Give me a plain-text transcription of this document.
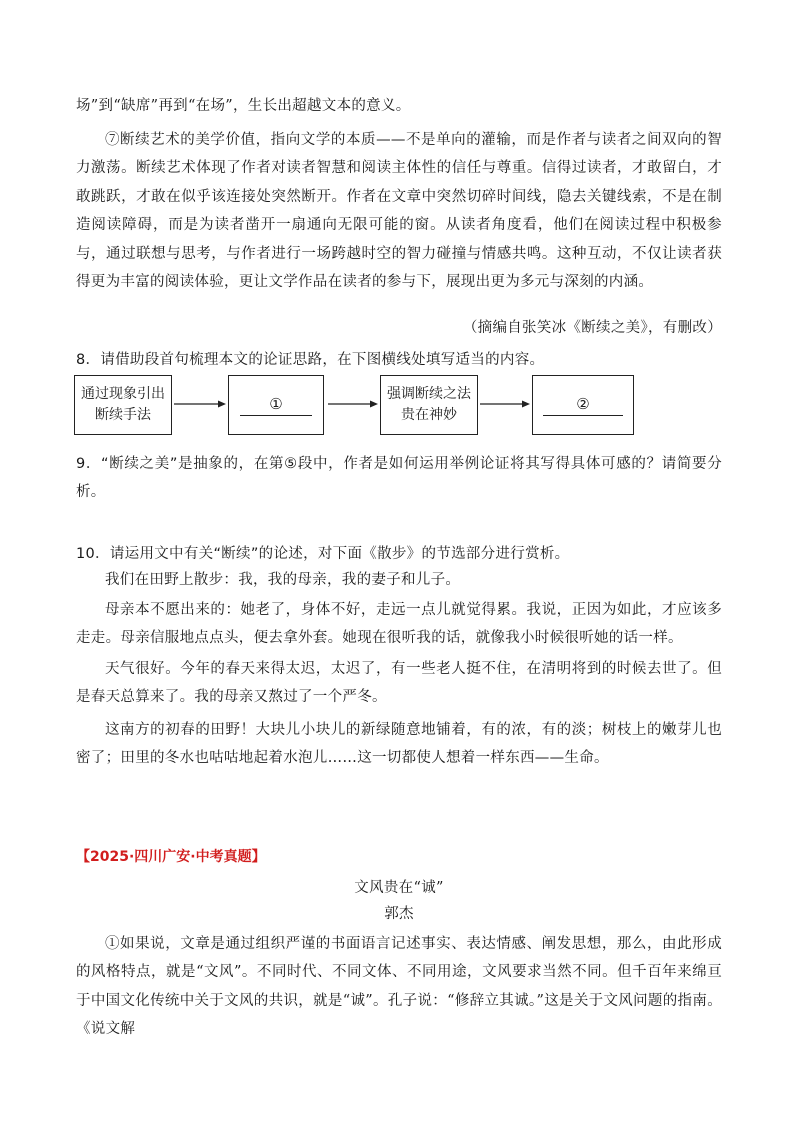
场”到“缺席”再到“在场”，生长出超越文本的意义。
⑦断续艺术的美学价值，指向文学的本质——不是单向的灌输，而是作者与读者之间双向的智力激荡。断续艺术体现了作者对读者智慧和阅读主体性的信任与尊重。信得过读者，才敢留白，才敢跳跃，才敢在似乎该连接处突然断开。作者在文章中突然切碎时间线，隐去关键线索，不是在制造阅读障碍，而是为读者凿开一扇通向无限可能的窗。从读者角度看，他们在阅读过程中积极参与，通过联想与思考，与作者进行一场跨越时空的智力碰撞与情感共鸣。这种互动，不仅让读者获得更为丰富的阅读体验，更让文学作品在读者的参与下，展现出更为多元与深刻的内涵。
（摘编自张笑冰《断续之美》，有删改）
8．请借助段首句梳理本文的论证思路，在下图横线处填写适当的内容。
通过现象引出
断续手法
①
强调断续之法
贵在神妙
②
9．“断续之美”是抽象的，在第⑤段中，作者是如何运用举例论证将其写得具体可感的？请简要分析。
10．请运用文中有关“断续”的论述，对下面《散步》的节选部分进行赏析。
我们在田野上散步：我，我的母亲，我的妻子和儿子。
母亲本不愿出来的：她老了，身体不好，走远一点儿就觉得累。我说，正因为如此，才应该多走走。母亲信服地点点头，便去拿外套。她现在很听我的话，就像我小时候很听她的话一样。
天气很好。今年的春天来得太迟，太迟了，有一些老人挺不住，在清明将到的时候去世了。但是春天总算来了。我的母亲又熬过了一个严冬。
这南方的初春的田野！大块儿小块儿的新绿随意地铺着，有的浓，有的淡；树枝上的嫩芽儿也密了；田里的冬水也咕咕地起着水泡儿……这一切都使人想着一样东西——生命。
【2025·四川广安·中考真题】
文风贵在“诚”
郭杰
①如果说，文章是通过组织严谨的书面语言记述事实、表达情感、阐发思想，那么，由此形成的风格特点，就是“文风”。不同时代、不同文体、不同用途，文风要求当然不同。但千百年来绵亘于中国文化传统中关于文风的共识，就是“诚”。孔子说：“修辞立其诚。”这是关于文风问题的指南。《说文解
